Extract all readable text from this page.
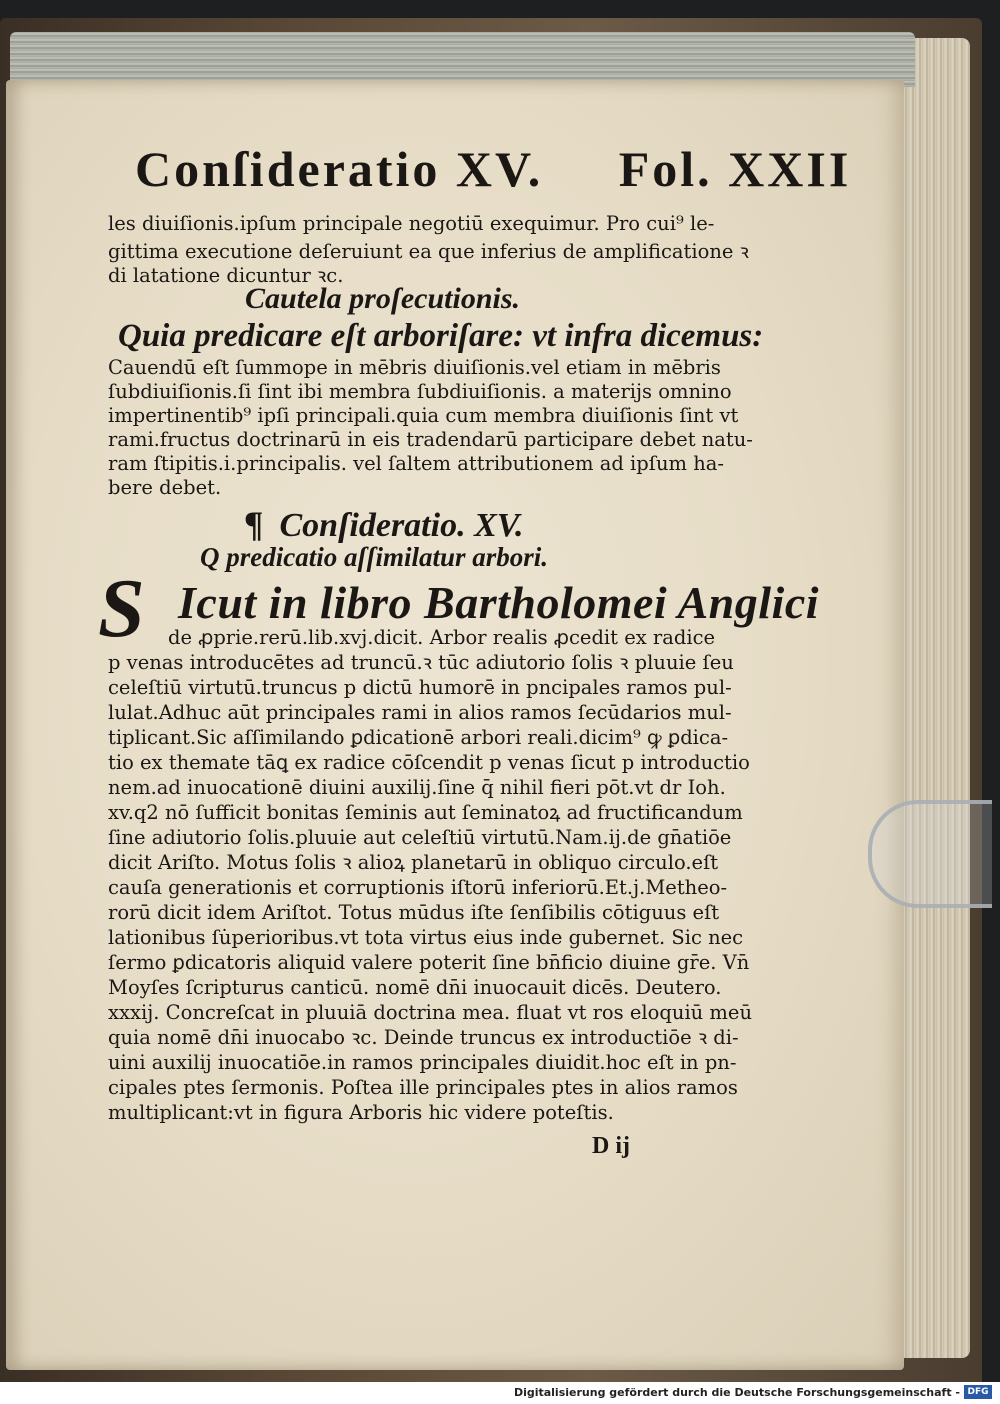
Conſideratio XV. Fol. XXII
les diuiſionis.ipſum principale negotiū exequimur. Pro cui⁹ le-
gittima executione deſeruiunt ea que inferius de amplificatione ꝛ
di latatione dicuntur ꝛc.
Cautela proſecutionis.
Quia predicare eſt arboriſare: vt infra dicemus:
Cauendū eſt ſummope in mēbris diuiſionis.vel etiam in mēbris
ſubdiuiſionis.ſi ſint ibi membra ſubdiuiſionis. a materijs omnino
impertinentib⁹ ipſi principali.quia cum membra diuiſionis ſint vt
rami.fructus doctrinarū in eis tradendarū participare debet natu-
ram ſtipitis.i.principalis. vel ſaltem attributionem ad ipſum ha-
bere debet.
¶ Conſideratio. XV.
Q predicatio aſſimilatur arbori.
S Icut in libro Bartholomei Anglici
de ꝓprie.rerū.lib.xvj.dicit. Arbor realis ꝓcedit ex radice
p venas introducētes ad truncū.ꝛ tūc adiutorio ſolis ꝛ pluuie ſeu
celeſtiū virtutū.truncus p dictū humorē in pncipales ramos pul-
lulat.Adhuc aūt principales rami in alios ramos ſecūdarios mul-
tiplicant.Sic aſſimilando ꝑdicationē arbori reali.dicim⁹ ꝙ ꝑdica-
tio ex themate tāꝗ ex radice cōſcendit p venas ſicut p introductio
nem.ad inuocationē diuini auxilij.ſine q̄ nihil fieri pōt.vt dr Ioh.
xv.q2 nō ſufficit bonitas ſeminis aut ſeminatoꝝ ad fructificandum
ſine adiutorio ſolis.pluuie aut celeſtiū virtutū.Nam.ij.de gn̄atiōe
dicit Ariſto. Motus ſolis ꝛ alioꝝ planetarū in obliquo circulo.eſt
cauſa generationis et corruptionis iſtorū inferiorū.Et.j.Metheo-
rorū dicit idem Ariſtot. Totus mūdus iſte ſenſibilis cōtiguus eſt
lationibus ſu̇perioribus.vt tota virtus eius inde gubernet. Sic nec
ſermo ꝑdicatoris aliquid valere poterit ſine bn̄ficio diuine gr̄e. Vn̄
Moyſes ſcripturus canticū. nomē dn̄i inuocauit dicēs. Deutero.
xxxij. Concreſcat in pluuiā doctrina mea. fluat vt ros eloquiū meū
quia nomē dn̄i inuocabo ꝛc. Deinde truncus ex introductiōe ꝛ di-
uini auxilij inuocatiōe.in ramos principales diuidit.hoc eſt in pn-
cipales ptes ſermonis. Poſtea ille principales ptes in alios ramos
multiplicant:vt in figura Arboris hic videre poteſtis.
D ij
Digitalisierung gefördert durch die Deutsche Forschungsgemeinschaft - DFG
